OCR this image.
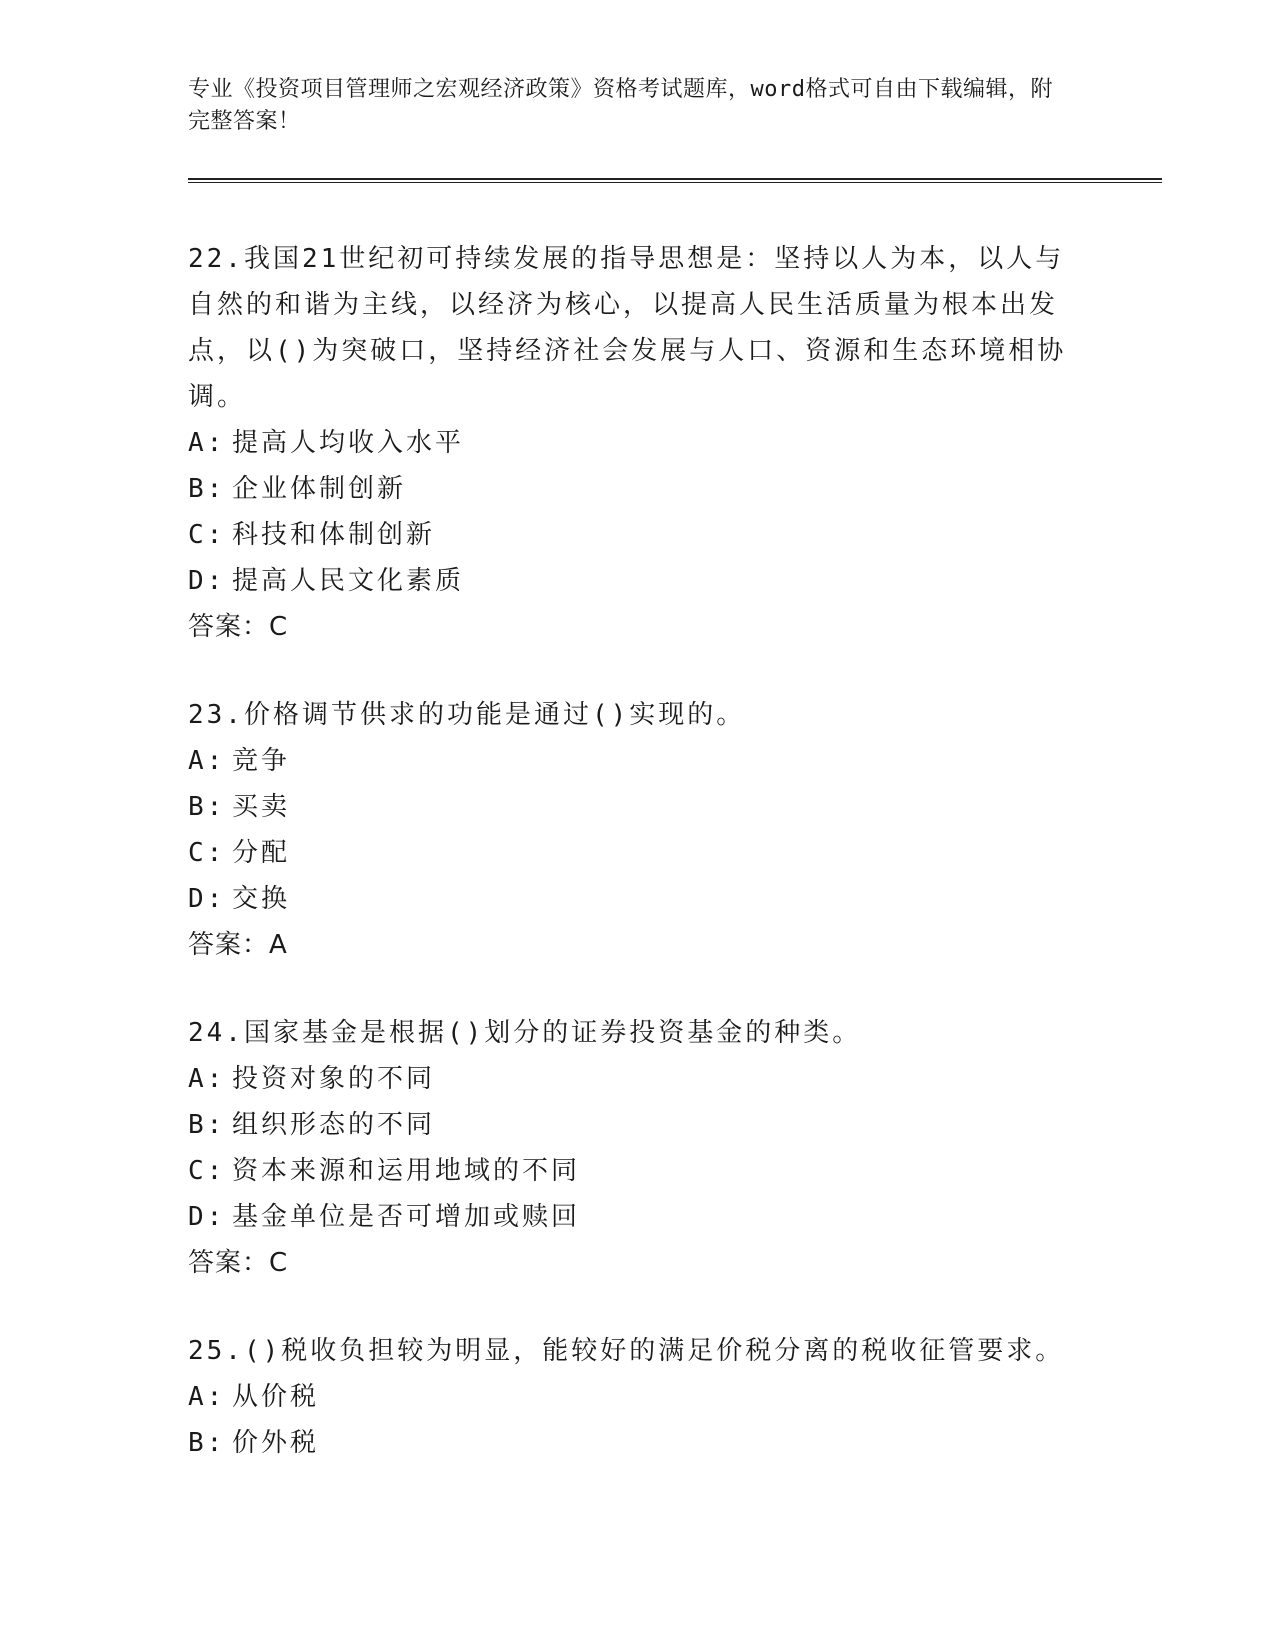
专业《投资项目管理师之宏观经济政策》资格考试题库，word格式可自由下载编辑，附完整答案！
22.我国21世纪初可持续发展的指导思想是：坚持以人为本，以人与自然的和谐为主线，以经济为核心，以提高人民生活质量为根本出发点，以()为突破口，坚持经济社会发展与人口、资源和生态环境相协调。
A: 提高人均收入水平
B: 企业体制创新
C: 科技和体制创新
D: 提高人民文化素质
答案：C
23.价格调节供求的功能是通过()实现的。
A: 竞争
B: 买卖
C: 分配
D: 交换
答案：A
24.国家基金是根据()划分的证券投资基金的种类。
A: 投资对象的不同
B: 组织形态的不同
C: 资本来源和运用地域的不同
D: 基金单位是否可增加或赎回
答案：C
25.()税收负担较为明显，能较好的满足价税分离的税收征管要求。
A: 从价税
B: 价外税
